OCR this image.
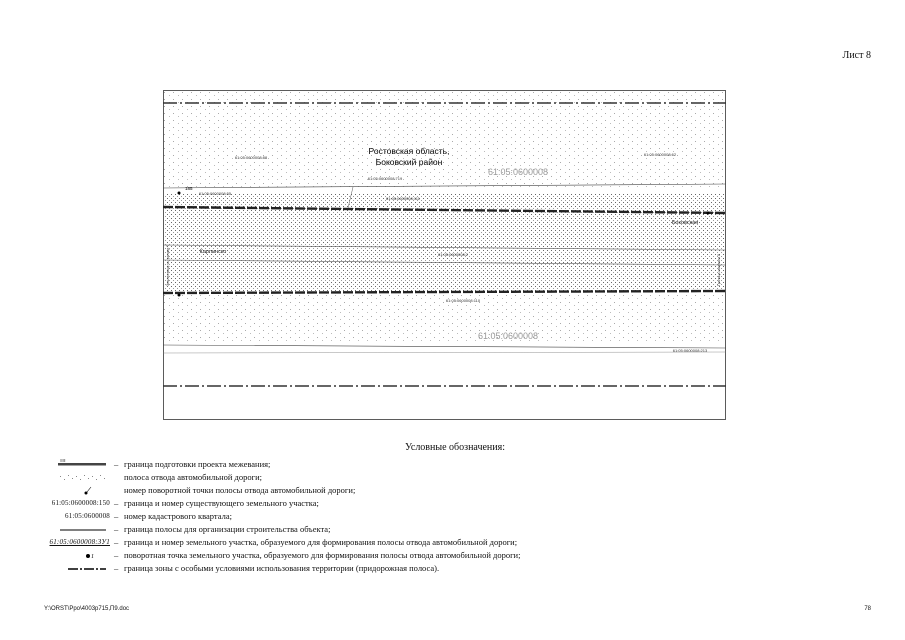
Лист 8
Ростовская область,
Боковский район
61:05:0600008
61:05:0600008
61:05:0600008:88
61:05:0600008:62
61:05:0600008:719
61:05:0600008:213
61:05:0600008:111
61:05:0600008:55
61:05:0600008:110
61:05:0600008:2
185
Карпинско
Боковская
Землеотвод на границе 7	Граница квартала 8
Условные обозначения:
ⅢⅢ	– граница подготовки проекта межевания;
полоса отвода автомобильной дороги;
номер поворотной точки полосы отвода автомобильной дороги;
61:05:0600008:150 – граница и номер существующего земельного участка;
61:05:0600008 – номер кадастрового квартала;
– граница полосы для организации строительства объекта;
61:05:0600008:ЗУ1 – граница и номер земельного участка, образуемого для формирования полосы отвода автомобильной дороги;
1 – поворотная точка земельного участка, образуемого для формирования полосы отвода автомобильной дороги;
– граница зоны с особыми условиями использования территории (придорожная полоса).
Y:\ORST\Ppo\4003p715,П9.doc	78
